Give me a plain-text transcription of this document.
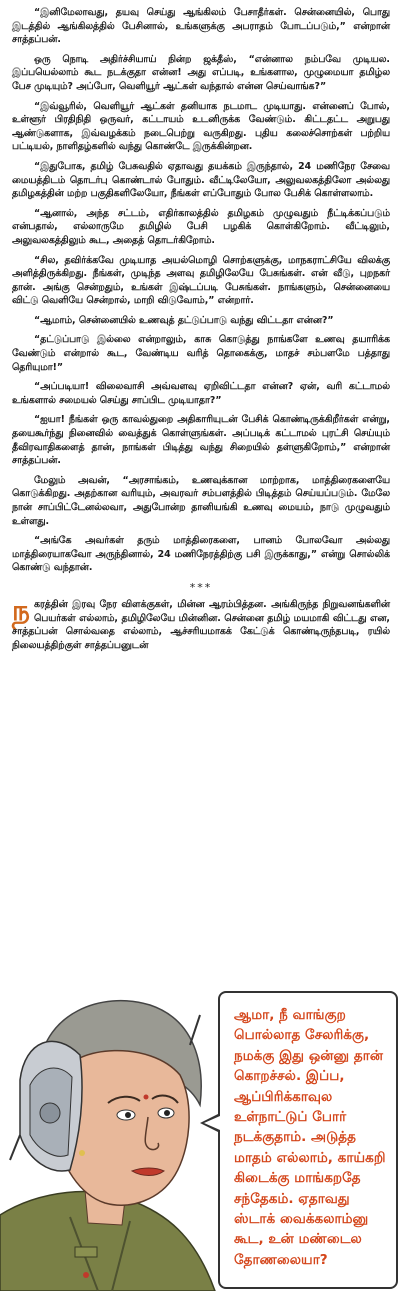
“இனிமேலாவது, தயவு செய்து ஆங்கிலம் பேசாதீர்கள். சென்னையில், பொது இடத்தில் ஆங்கிலத்தில் பேசினால், உங்களுக்கு அபராதம் போடப்படும்,” என்றான் சாத்தப்பன்.

ஒரு நொடி அதிர்ச்சியாய் நின்ற ஜக்தீஸ், “என்னால நம்பவே முடியல. இப்பயெல்லாம் கூட நடக்குதா என்ன! அது எப்படி, உங்களால, முழுமையா தமிழ்ல பேச முடியும்? அப்போ, வெளியூர் ஆட்கள் வந்தால் என்ன செய்வாங்க?”

“இவ்வூரில், வெளியூர் ஆட்கள் தனியாக நடமாட முடியாது. என்னைப் போல், உள்ளூர் பிரதிநிதி ஒருவர், கட்டாயம் உடனிருக்க வேண்டும். கிட்டதட்ட அறுபது ஆண்டுகளாக, இவ்வழக்கம் நடைபெற்று வருகிறது. புதிய கலைச்சொற்கள் பற்றிய பட்டியல், நாளிதழ்களில் வந்து கொண்டே இருக்கின்றன.

“இதுபோக, தமிழ் பேசுவதில் ஏதாவது தயக்கம் இருந்தால், 24 மணிநேர சேவை மையத்திடம் தொடர்பு கொண்டால் போதும். வீட்டிலேயோ, அலுவலகத்திலோ அல்லது தமிழகத்தின் மற்ற பகுதிகளிலேயோ, நீங்கள் எப்போதும் போல பேசிக் கொள்ளலாம்.

“ஆனால், அந்த சட்டம், எதிர்காலத்தில் தமிழகம் முழுவதும் நீட்டிக்கப்படும் என்பதால், எல்லாருமே தமிழில் பேசி பழகிக் கொள்கிறோம். வீட்டிலும், அலுவலகத்திலும் கூட, அதைத் தொடர்கிறோம்.

“சில, தவிர்க்கவே முடியாத அயல்மொழி சொற்களுக்கு, மாநகராட்சியே விலக்கு அளித்திருக்கிறது. நீங்கள், முடிந்த அளவு தமிழிலேயே பேசுங்கள். என் வீடு, புறநகர் தான். அங்கு சென்றதும், உங்கள் இஷ்டப்படி பேசுங்கள். நாங்களும், சென்னையை விட்டு வெளியே சென்றால், மாறி விடுவோம்,” என்றார்.

“ஆமாம், சென்னையில் உணவுத் தட்டுப்பாடு வந்து விட்டதா என்ன?”

“தட்டுப்பாடு இல்லை என்றாலும், காசு கொடுத்து நாங்களே உணவு தயாரிக்க வேண்டும் என்றால் கூட, வேண்டிய வரித் தொகைக்கு, மாதச் சம்பளமே பத்தாது தெரியுமா!”

“அப்படியா! விலைவாசி அவ்வளவு ஏறிவிட்டதா என்ன? ஏன், வரி கட்டாமல் உங்களால் சமையல் செய்து சாப்பிட முடியாதா?”

“ஐயா! நீங்கள் ஒரு காவல்துறை அதிகாரியுடன் பேசிக் கொண்டிருக்கிறீர்கள் என்று, தயைகூர்ந்து நினைவில் வைத்துக் கொள்ளுங்கள். அப்படிக் கட்டாமல் புரட்சி செய்யும் தீவிரவாதிகளைத் தான், நாங்கள் பிடித்து வந்து சிறையில் தள்ளுகிறோம்,” என்றான் சாத்தப்பன்.

மேலும் அவன், “அரசாங்கம், உணவுக்கான மாற்றாக, மாத்திரைகளையே கொடுக்கிறது. அதற்கான வரியும், அவரவர் சம்பளத்தில் பிடித்தம் செய்யப்படும். மேலே நான் சாப்பிட்டேனல்லவா, அதுபோன்ற தானியங்கி உணவு மையம், நாடு முழுவதும் உள்ளது.

“அங்கே அவர்கள் தரும் மாத்திரைகளை, பானம் போலவோ அல்லது மாத்திரையாகவோ அருந்தினால், 24 மணிநேரத்திற்கு பசி இருக்காது,” என்று சொல்லிக் கொண்டு வந்தான்.

***

ந கரத்தின் இரவு நேர விளக்குகள், மின்ன ஆரம்பித்தன. அங்கிருந்த நிறுவனங்களின் பெயர்கள் எல்லாம், தமிழிலேயே மின்னின. சென்னை தமிழ் மயமாகி விட்டது என, சாத்தப்பன் சொல்வதை எல்லாம், ஆச்சரியமாகக் கேட்டுக் கொண்டிருந்தபடி, ரயில் நிலையத்திற்குள் சாத்தப்பனுடன்

ஆமா, நீ வாங்குற பொல்லாத சேலரிக்கு, நமக்கு இது ஒன்னு தான் கொறச்சல். இப்ப, ஆப்பிரிக்காவுல உள்நாட்டுப் போர் நடக்குதாம். அடுத்த மாதம் எல்லாம், காய்கறி கிடைக்கு மாங்கறதே சந்தேகம். ஏதாவது ஸ்டாக் வைக்கலாம்னு கூட, உன் மண்டைல தோணலையா?
